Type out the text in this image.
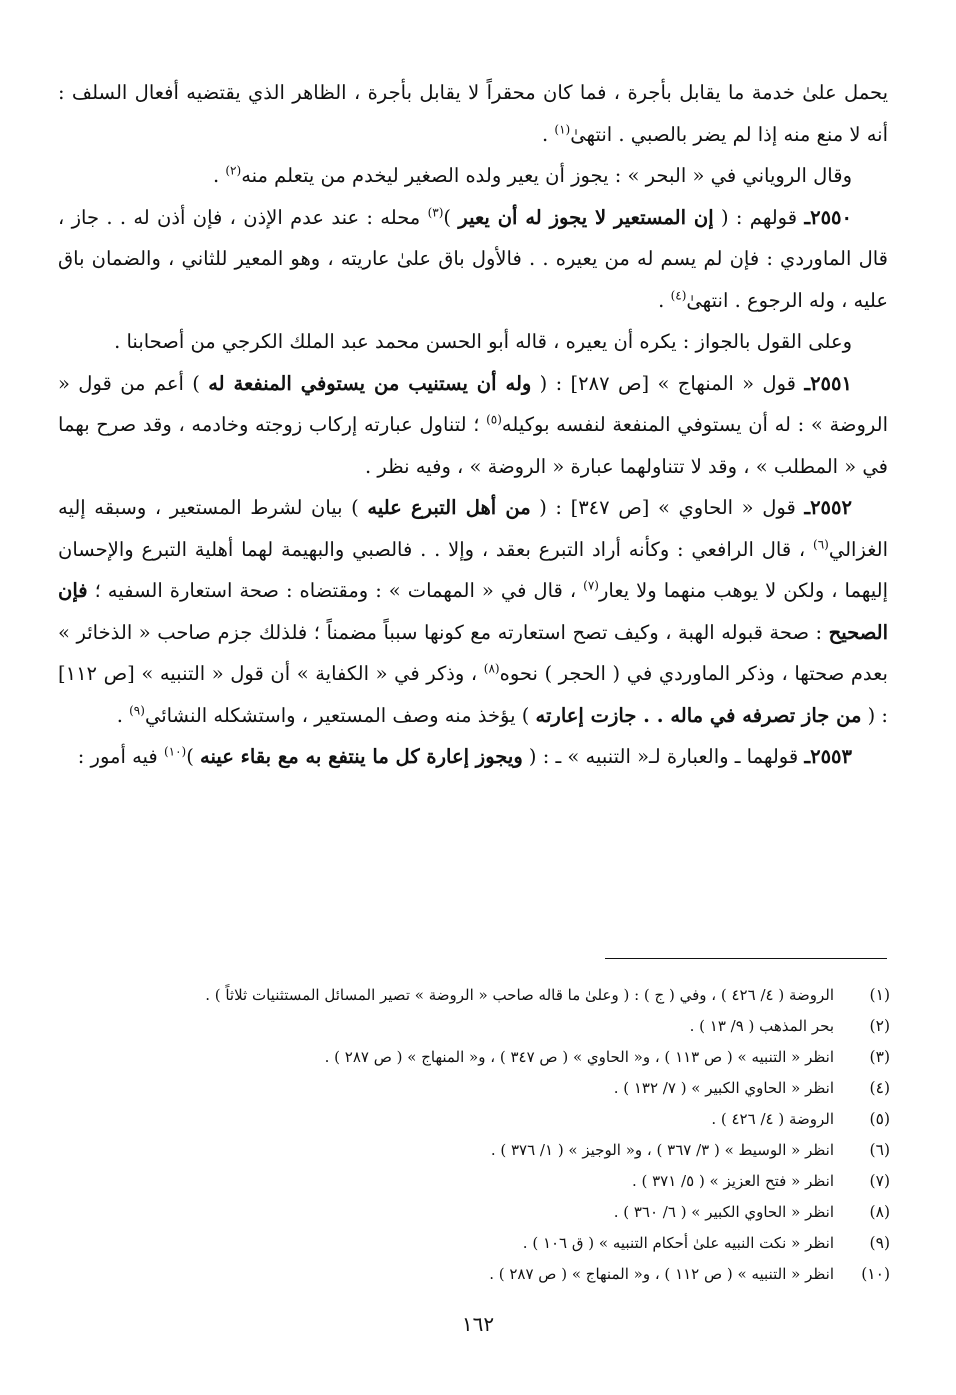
يحمل علىٰ خدمة ما يقابل بأجرة ، فما كان محقراً لا يقابل بأجرة ، الظاهر الذي يقتضيه أفعال السلف : أنه لا منع منه إذا لم يضر بالصبي . انتهىٰ$^{(١)}$ .

وقال الروياني في « البحر » : يجوز أن يعير ولده الصغير ليخدم من يتعلم منه$^{(٢)}$ .

٢٥٥٠ـ قولهم : ( إن المستعير لا يجوز له أن يعير )$^{(٣)}$ محله : عند عدم الإذن ، فإن أذن له . . جاز ، قال الماوردي : فإن لم يسم له من يعيره . . فالأول باق علىٰ عاريته ، وهو المعير للثاني ، والضمان باق عليه ، وله الرجوع . انتهىٰ$^{(٤)}$ .

وعلى القول بالجواز : يكره أن يعيره ، قاله أبو الحسن محمد عبد الملك الكرجي من أصحابنا .

٢٥٥١ـ قول « المنهاج » [ص ٢٨٧] : ( وله أن يستنيب من يستوفي المنفعة له ) أعم من قول « الروضة » : له أن يستوفي المنفعة لنفسه بوكيله$^{(٥)}$ ؛ لتناول عبارته إركاب زوجته وخادمه ، وقد صرح بهما في « المطلب » ، وقد لا تتناولهما عبارة « الروضة » ، وفيه نظر .

٢٥٥٢ـ قول « الحاوي » [ص ٣٤٧] : ( من أهل التبرع عليه ) بيان لشرط المستعير ، وسبقه إليه الغزالي$^{(٦)}$ ، قال الرافعي : وكأنه أراد التبرع بعقد ، وإلا . . فالصبي والبهيمة لهما أهلية التبرع والإحسان إليهما ، ولكن لا يوهب منهما ولا يعار$^{(٧)}$ ، قال في « المهمات » : ومقتضاه : صحة استعارة السفيه ؛ فإن الصحيح : صحة قبوله الهبة ، وكيف تصح استعارته مع كونها سبباً مضمناً ؛ فلذلك جزم صاحب « الذخائر » بعدم صحتها ، وذكر الماوردي في ( الحجر ) نحوه$^{(٨)}$ ، وذكر في « الكفاية » أن قول « التنبيه » [ص ١١٢] : ( من جاز تصرفه في ماله . . جازت إعارته ) يؤخذ منه وصف المستعير ، واستشكله النشائي$^{(٩)}$ .

٢٥٥٣ـ قولهما ـ والعبارة لـ« التنبيه » ـ : ( ويجوز إعارة كل ما ينتفع به مع بقاء عينه )$^{(١٠)}$ فيه أمور :

(١)
الروضة ( ٤/ ٤٢٦ ) ، وفي ( ج ) : ( وعلىٰ ما قاله صاحب « الروضة » تصير المسائل المستثنيات ثلاثاً ) .
(٢)
بحر المذهب ( ٩/ ١٣ ) .
(٣)
انظر « التنبيه » ( ص ١١٣ ) ، و« الحاوي » ( ص ٣٤٧ ) ، و« المنهاج » ( ص ٢٨٧ ) .
(٤)
انظر « الحاوي الكبير » ( ٧/ ١٣٢ ) .
(٥)
الروضة ( ٤/ ٤٢٦ ) .
(٦)
انظر « الوسيط » ( ٣/ ٣٦٧ ) ، و« الوجيز » ( ١/ ٣٧٦ ) .
(٧)
انظر « فتح العزيز » ( ٥/ ٣٧١ ) .
(٨)
انظر « الحاوي الكبير » ( ٦/ ٣٦٠ ) .
(٩)
انظر « نكت النبيه علىٰ أحكام التنبيه » ( ق ١٠٦ ) .
(١٠)
انظر « التنبيه » ( ص ١١٢ ) ، و« المنهاج » ( ص ٢٨٧ ) .
١٦٢
